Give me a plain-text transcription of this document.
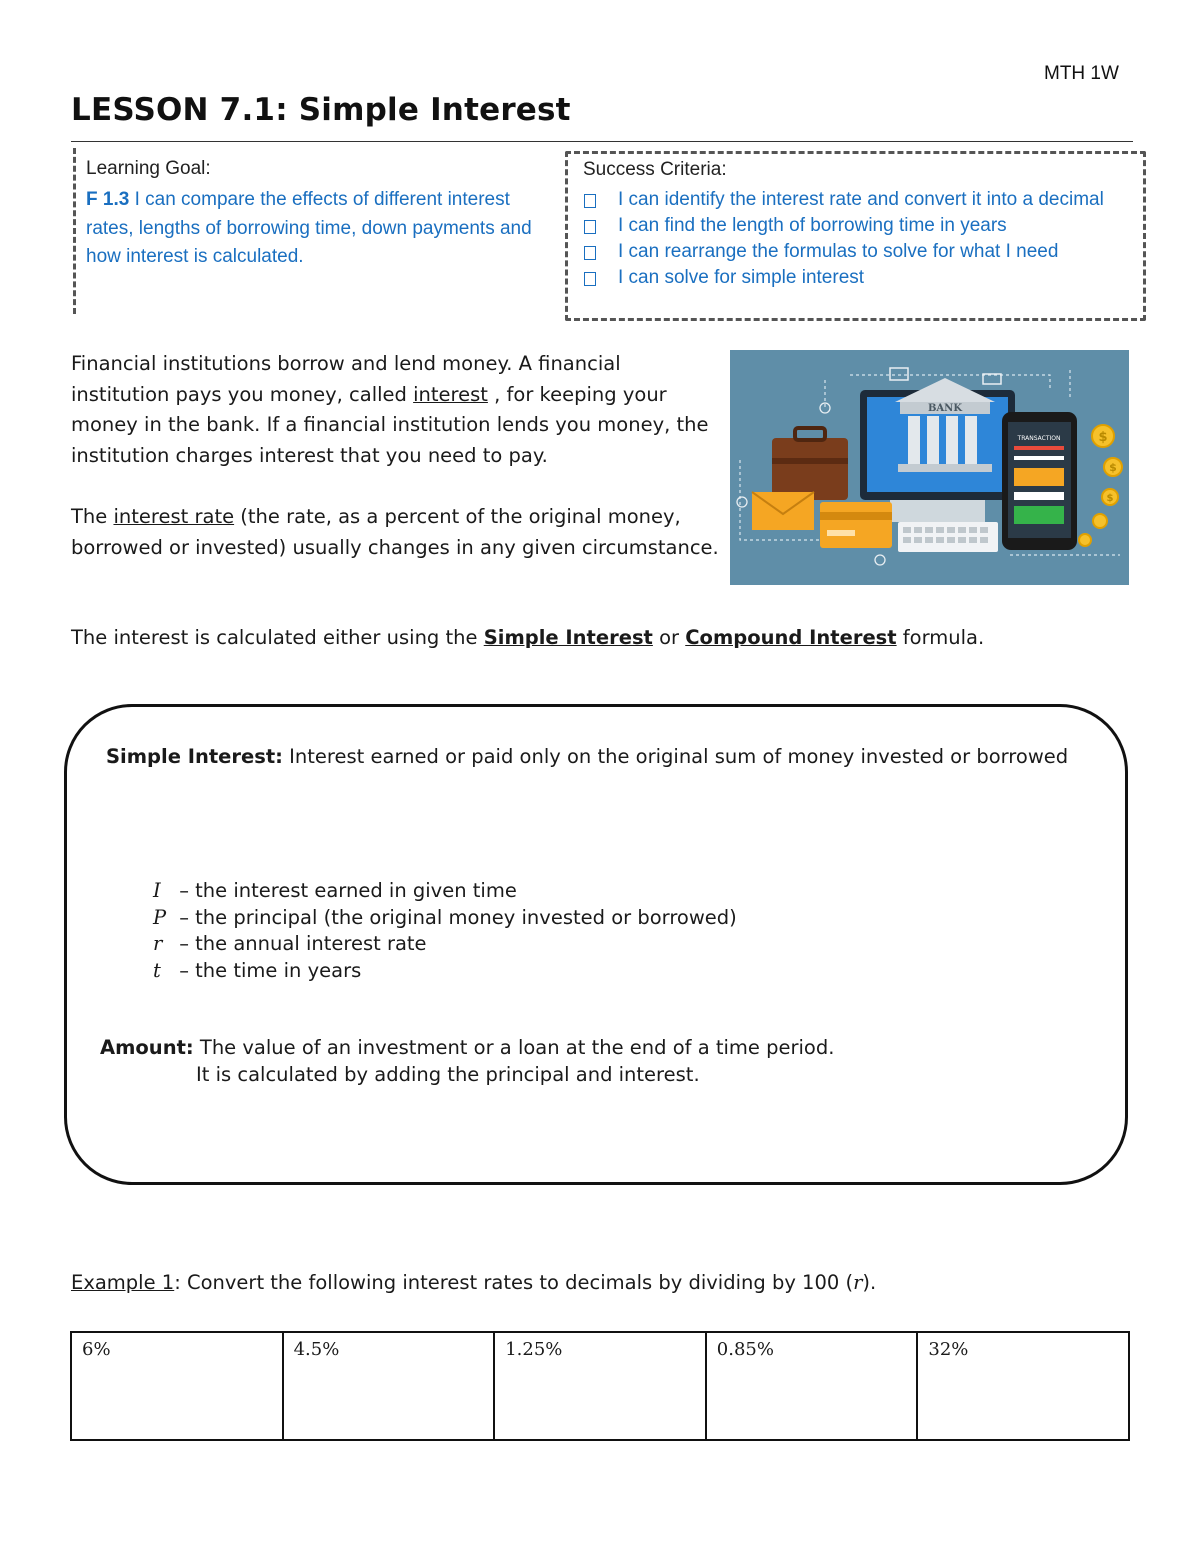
MTH 1W
LESSON 7.1: Simple Interest
Learning Goal:
F 1.3 I can compare the effects of different interest rates, lengths of borrowing time, down payments and how interest is calculated.
Success Criteria:
I can identify the interest rate and convert it into a decimal
I can find the length of borrowing time in years
I can rearrange the formulas to solve for what I need
I can solve for simple interest
Financial institutions borrow and lend money. A financial institution pays you money, called interest , for keeping your money in the bank. If a financial institution lends you money, the institution charges interest that you need to pay.
The interest rate (the rate, as a percent of the original money, borrowed or invested) usually changes in any given circumstance.
The interest is calculated either using the Simple Interest or Compound Interest formula.
BANK
TRANSACTION	$
$
$
Simple Interest: Interest earned or paid only on the original sum of money invested or borrowed
I – the interest earned in given time
P – the principal (the original money invested or borrowed)
r – the annual interest rate
t – the time in years
Amount: The value of an investment or a loan at the end of a time period.
It is calculated by adding the principal and interest.
Example 1: Convert the following interest rates to decimals by dividing by 100 (r).
6%	4.5%	1.25%	0.85%	32%
